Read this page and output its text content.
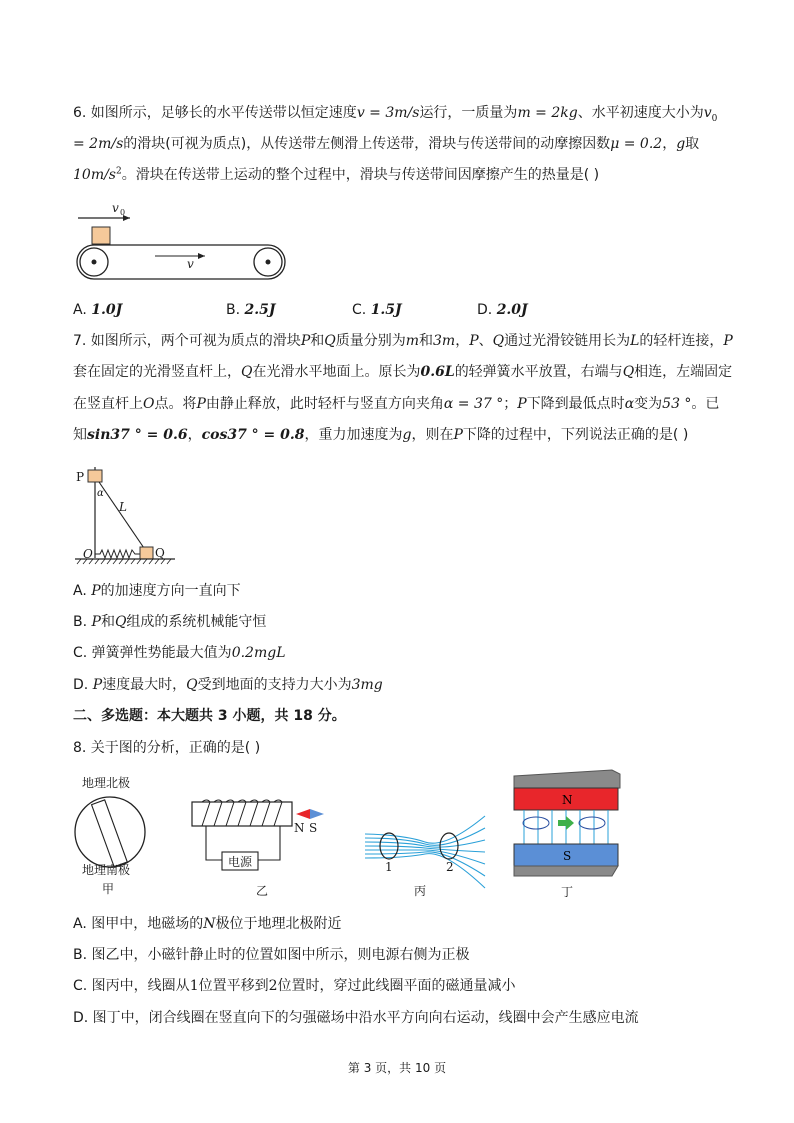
6. 如图所示，足够长的水平传送带以恒定速度v = 3m/s运行，一质量为m = 2kg、水平初速度大小为$v_0$
= 2m/s的滑块(可视为质点)，从传送带左侧滑上传送带，滑块与传送带间的动摩擦因数μ = 0.2，g取
$10m/s^2$。滑块在传送带上运动的整个过程中，滑块与传送带间因摩擦产生的热量是( )
v 0
v
A. 1.0J	B. 2.5J	C. 1.5J	D. 2.0J
7. 如图所示，两个可视为质点的滑块P和Q质量分别为m和3m，P、Q通过光滑铰链用长为L的轻杆连接，P
套在固定的光滑竖直杆上，Q在光滑水平地面上。原长为0.6L的轻弹簧水平放置，右端与Q相连，左端固定
在竖直杆上O点。将P由静止释放，此时轻杆与竖直方向夹角α = 37 °；P下降到最低点时α变为53 °。已
知sin37 ° = 0.6，cos37 ° = 0.8，重力加速度为g，则在P下降的过程中，下列说法正确的是( )
P
α
L
Q
O
A. P的加速度方向一直向下
B. P和Q组成的系统机械能守恒
C. 弹簧弹性势能最大值为0.2mgL
D. P速度最大时，Q受到地面的支持力大小为3mg
二、多选题：本大题共 3 小题，共 18 分。
8. 关于图的分析，正确的是( )
地理北极
地理南极
甲
电源
N S
乙
1	2
丙
N
S
丁
A. 图甲中，地磁场的N极位于地理北极附近
B. 图乙中，小磁针静止时的位置如图中所示，则电源右侧为正极
C. 图丙中，线圈从1位置平移到2位置时，穿过此线圈平面的磁通量减小
D. 图丁中，闭合线圈在竖直向下的匀强磁场中沿水平方向向右运动，线圈中会产生感应电流
第 3 页，共 10 页
